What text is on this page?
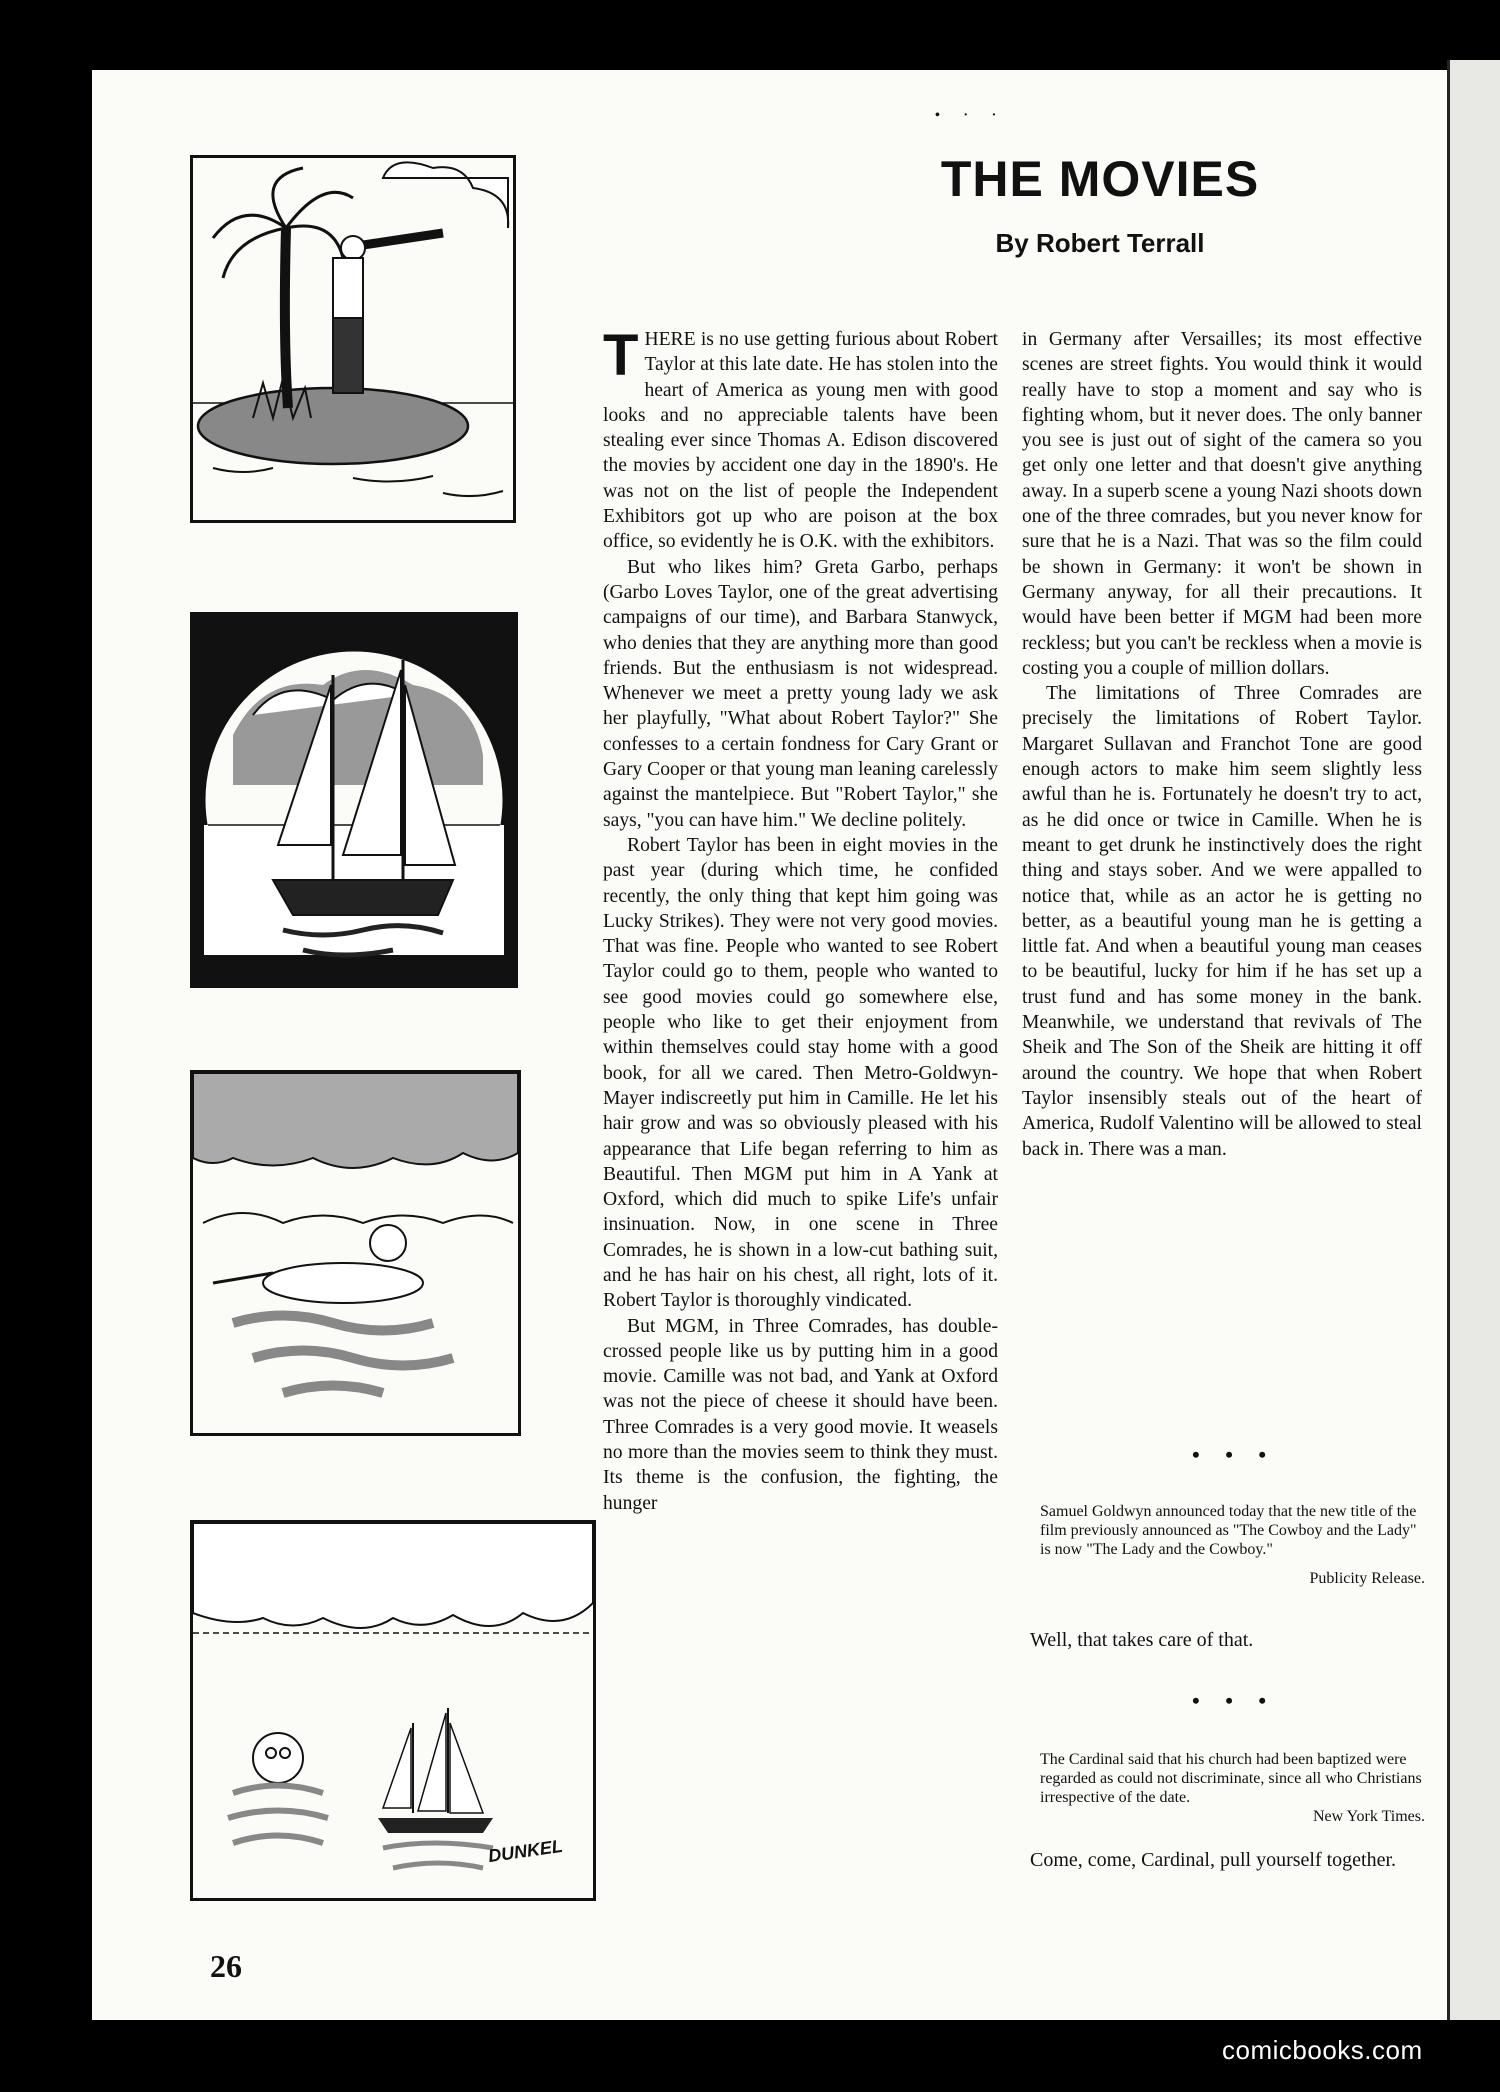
• · ·
THE MOVIES
By Robert Terrall

THERE is no use getting furious about Robert Taylor at this late date. He has stolen into the heart of America as young men with good looks and no appreciable talents have been stealing ever since Thomas A. Edison discovered the movies by accident one day in the 1890's. He was not on the list of people the Independent Exhibitors got up who are poison at the box office, so evidently he is O.K. with the exhibitors.

But who likes him? Greta Garbo, perhaps (Garbo Loves Taylor, one of the great advertising campaigns of our time), and Barbara Stanwyck, who denies that they are anything more than good friends. But the enthusiasm is not widespread. Whenever we meet a pretty young lady we ask her playfully, "What about Robert Taylor?" She confesses to a certain fondness for Cary Grant or Gary Cooper or that young man leaning carelessly against the mantelpiece. But "Robert Taylor," she says, "you can have him." We decline politely.

Robert Taylor has been in eight movies in the past year (during which time, he confided recently, the only thing that kept him going was Lucky Strikes). They were not very good movies. That was fine. People who wanted to see Robert Taylor could go to them, people who wanted to see good movies could go somewhere else, people who like to get their enjoyment from within themselves could stay home with a good book, for all we cared. Then Metro-Goldwyn-Mayer indiscreetly put him in Camille. He let his hair grow and was so obviously pleased with his appearance that Life began referring to him as Beautiful. Then MGM put him in A Yank at Oxford, which did much to spike Life's unfair insinuation. Now, in one scene in Three Comrades, he is shown in a low-cut bathing suit, and he has hair on his chest, all right, lots of it. Robert Taylor is thoroughly vindicated.

But MGM, in Three Comrades, has double-crossed people like us by putting him in a good movie. Camille was not bad, and Yank at Oxford was not the piece of cheese it should have been. Three Comrades is a very good movie. It weasels no more than the movies seem to think they must. Its theme is the confusion, the fighting, the hunger

in Germany after Versailles; its most effective scenes are street fights. You would think it would really have to stop a moment and say who is fighting whom, but it never does. The only banner you see is just out of sight of the camera so you get only one letter and that doesn't give anything away. In a superb scene a young Nazi shoots down one of the three comrades, but you never know for sure that he is a Nazi. That was so the film could be shown in Germany: it won't be shown in Germany anyway, for all their precautions. It would have been better if MGM had been more reckless; but you can't be reckless when a movie is costing you a couple of million dollars.

The limitations of Three Comrades are precisely the limitations of Robert Taylor. Margaret Sullavan and Franchot Tone are good enough actors to make him seem slightly less awful than he is. Fortunately he doesn't try to act, as he did once or twice in Camille. When he is meant to get drunk he instinctively does the right thing and stays sober. And we were appalled to notice that, while as an actor he is getting no better, as a beautiful young man he is getting a little fat. And when a beautiful young man ceases to be beautiful, lucky for him if he has set up a trust fund and has some money in the bank. Meanwhile, we understand that revivals of The Sheik and The Son of the Sheik are hitting it off around the country. We hope that when Robert Taylor insensibly steals out of the heart of America, Rudolf Valentino will be allowed to steal back in. There was a man.

• • •
Samuel Goldwyn announced today that the new title of the film previously announced as "The Cowboy and the Lady" is now "The Lady and the Cowboy."
Publicity Release.
Well, that takes care of that.
• • •
The Cardinal said that his church had been baptized were regarded as could not discriminate, since all who Christians irrespective of the date.
New York Times.
Come, come, Cardinal, pull yourself together.
DUNKEL
26
comicbooks.com
